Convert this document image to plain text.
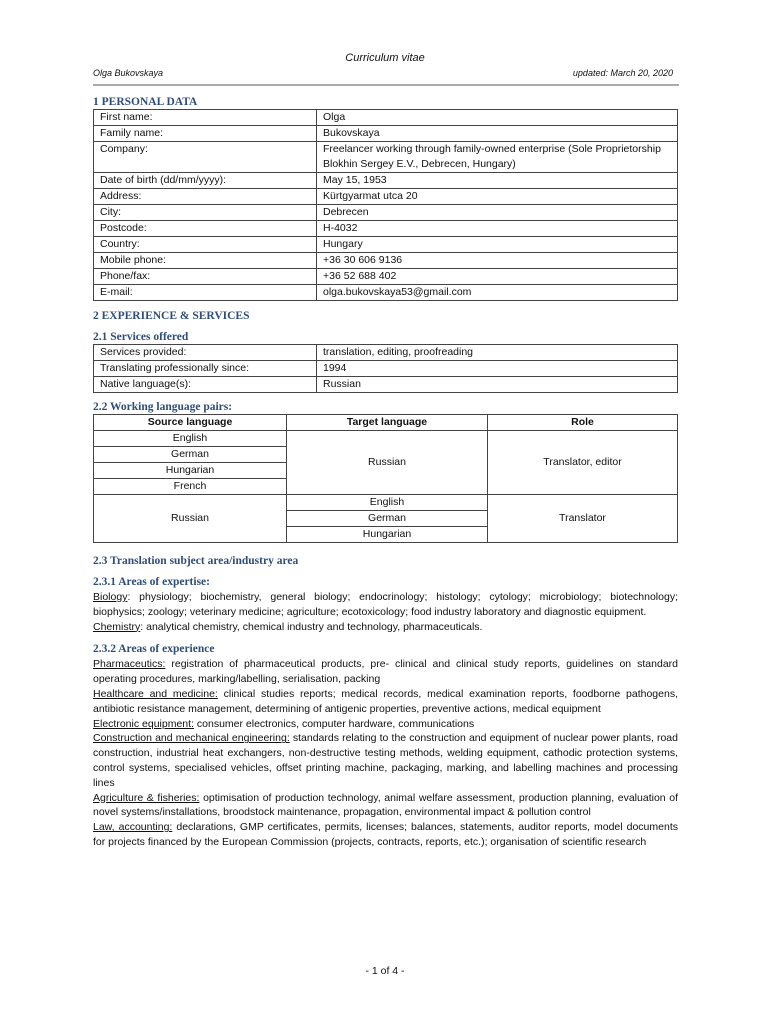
Curriculum vitae
Olga Bukovskaya	updated: March 20, 2020
1 PERSONAL DATA
First name:	Olga
Family name:	Bukovskaya
Company:	Freelancer working through family-owned enterprise (Sole Proprietorship Blokhin Sergey E.V., Debrecen, Hungary)
Date of birth (dd/mm/yyyy):	May 15, 1953
Address:	Kürtgyarmat utca 20
City:	Debrecen
Postcode:	H-4032
Country:	Hungary
Mobile phone:	+36 30 606 9136
Phone/fax:	+36 52 688 402
E-mail:	olga.bukovskaya53@gmail.com
2 EXPERIENCE & SERVICES
2.1 Services offered
Services provided:	translation, editing, proofreading
Translating professionally since:	1994
Native language(s):	Russian
2.2 Working language pairs:
Source language	Target language	Role
English	Russian	Translator, editor
German		
Hungarian		
French		
Russian	English	Translator
	German	
	Hungarian	
2.3 Translation subject area/industry area
2.3.1 Areas of expertise:

Biology: physiology; biochemistry, general biology; endocrinology; histology; cytology; microbiology; biotechnology; biophysics; zoology; veterinary medicine; agriculture; ecotoxicology; food industry laboratory and diagnostic equipment.

Chemistry: analytical chemistry, chemical industry and technology, pharmaceuticals.

2.3.2 Areas of experience

Pharmaceutics: registration of pharmaceutical products, pre- clinical and clinical study reports, guidelines on standard operating procedures, marking/labelling, serialisation, packing

Healthcare and medicine: clinical studies reports; medical records, medical examination reports, foodborne pathogens, antibiotic resistance management, determining of antigenic properties, preventive actions, medical equipment

Electronic equipment: consumer electronics, computer hardware, communications

Construction and mechanical engineering: standards relating to the construction and equipment of nuclear power plants, road construction, industrial heat exchangers, non-destructive testing methods, welding equipment, cathodic protection systems, control systems, specialised vehicles, offset printing machine, packaging, marking, and labelling machines and processing lines

Agriculture & fisheries: optimisation of production technology, animal welfare assessment, production planning, evaluation of novel systems/installations, broodstock maintenance, propagation, environmental impact & pollution control

Law, accounting: declarations, GMP certificates, permits, licenses; balances, statements, auditor reports, model documents for projects financed by the European Commission (projects, contracts, reports, etc.); organisation of scientific research

- 1 of 4 -
